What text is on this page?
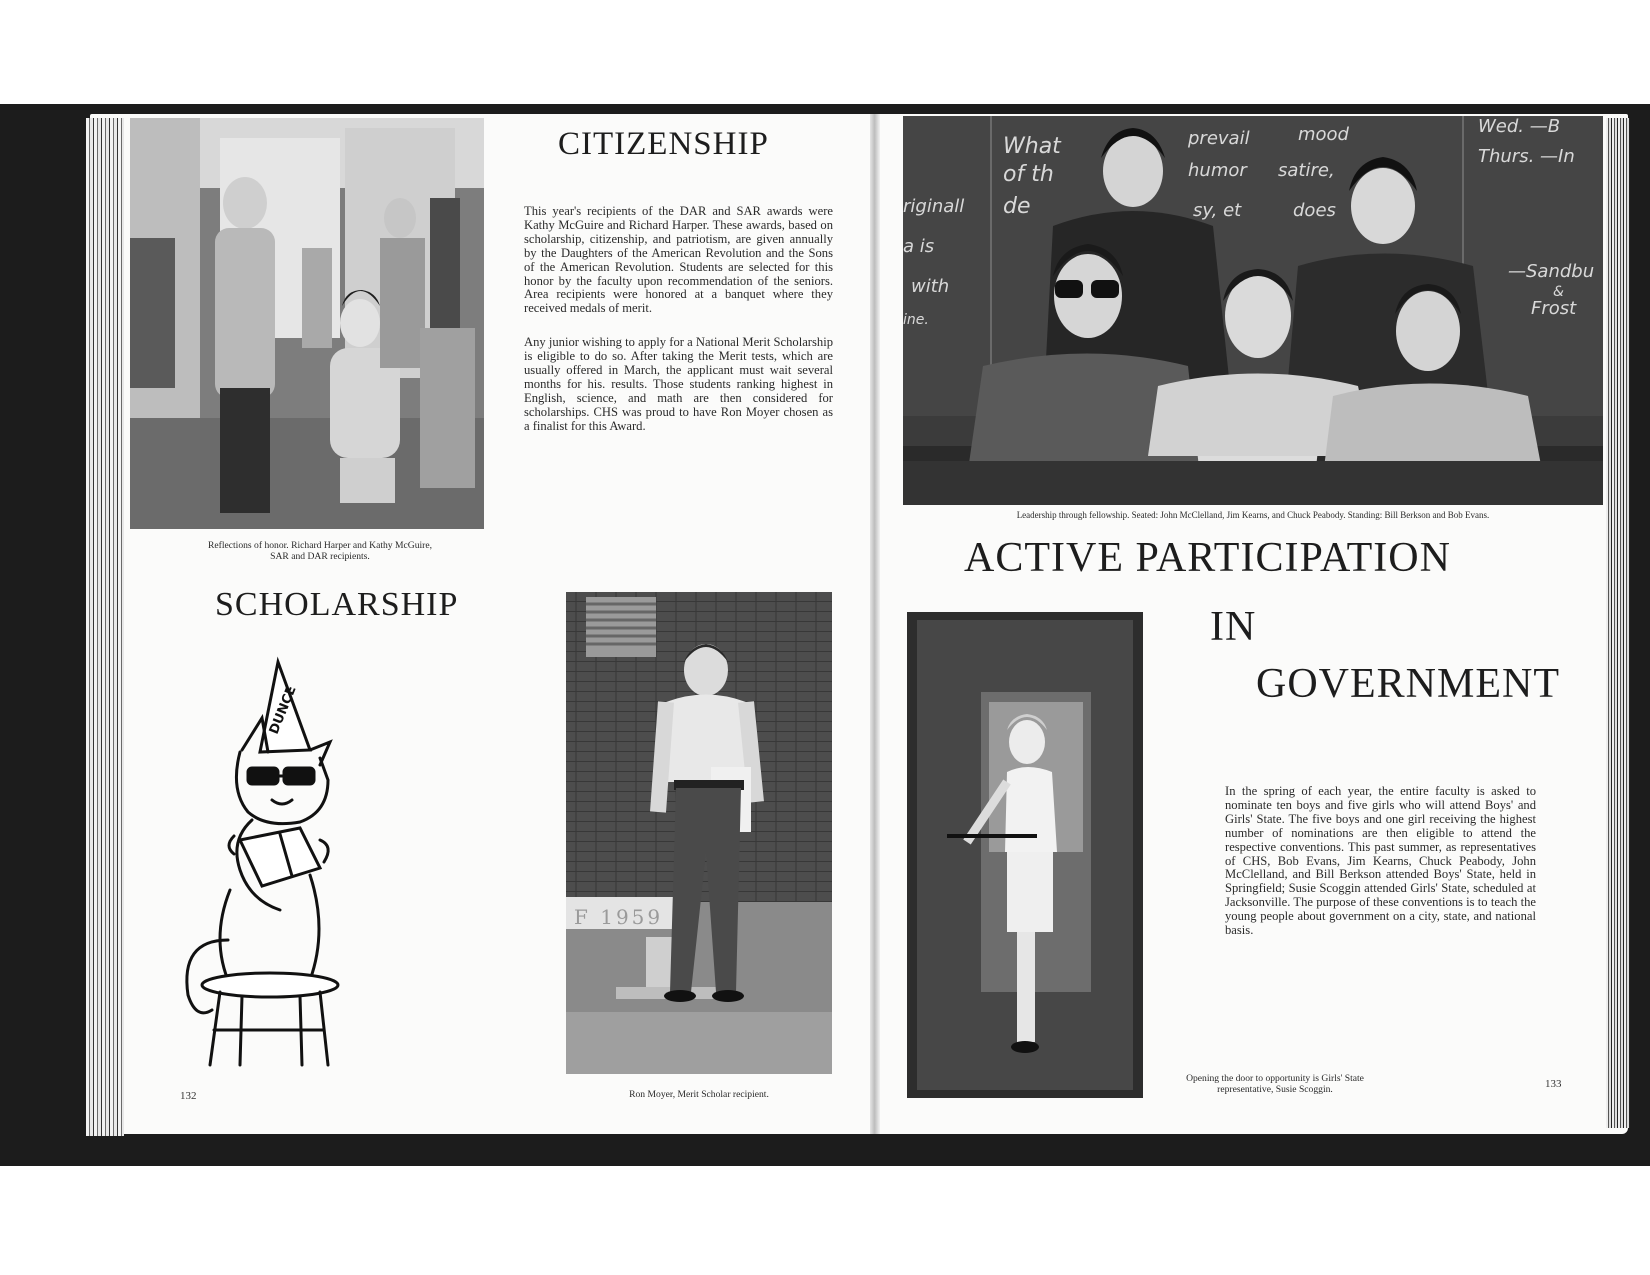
Reflections of honor. Richard Harper and Kathy McGuire,
SAR and DAR recipients.
CITIZENSHIP

This year's recipients of the DAR and SAR awards were Kathy McGuire and Richard Harper. These awards, based on scholarship, citizenship, and patriotism, are given annually by the Daughters of the American Revolution and the Sons of the American Revolution. Students are selected for this honor by the faculty upon recommendation of the seniors. Area recipients were honored at a banquet where they received medals of merit.

Any junior wishing to apply for a National Merit Scholarship is eligible to do so. After taking the Merit tests, which are usually offered in March, the applicant must wait several months for his. results. Those students ranking highest in English, science, and math are then considered for scholarships. CHS was proud to have Ron Moyer chosen as a finalist for this Award.

SCHOLARSHIP
DUNCE
F 1959
Ron Moyer, Merit Scholar recipient.
132
What	prevail	mood
of th	humor satire,
riginall de	sy, et	does
a is
with
ine.
Wed. —B
Thurs. —In
—Sandbu
&
Frost
Leadership through fellowship. Seated: John McClelland, Jim Kearns, and Chuck Peabody. Standing: Bill Berkson and Bob Evans.
ACTIVE PARTICIPATION
IN
GOVERNMENT
In the spring of each year, the entire faculty is asked to nominate ten boys and five girls who will attend Boys' and Girls' State. The five boys and one girl receiving the highest number of nominations are then eligible to attend the respective conventions. This past summer, as representatives of CHS, Bob Evans, Jim Kearns, Chuck Peabody, John McClelland, and Bill Berkson attended Boys' State, held in Springfield; Susie Scoggin attended Girls' State, scheduled at Jacksonville. The purpose of these conventions is to teach the young people about government on a city, state, and national basis.
Opening the door to opportunity is Girls' State
representative, Susie Scoggin.	133
